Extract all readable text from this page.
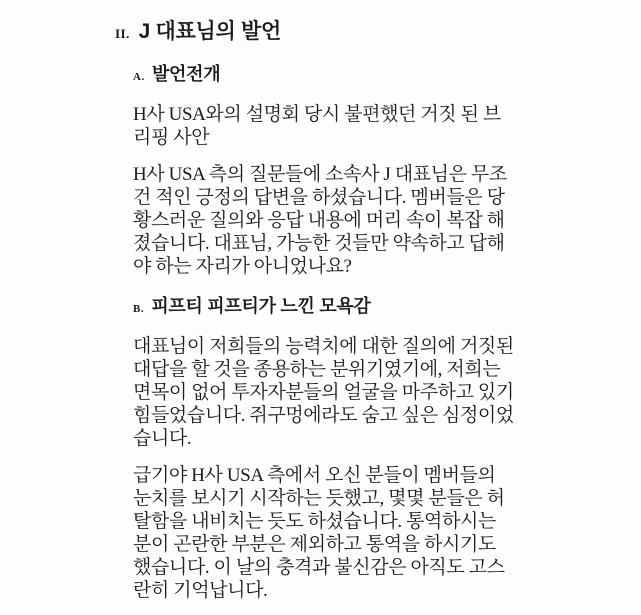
II. J 대표님의 발언
A. 발언전개

H사 USA와의 설명회 당시 불편했던 거짓 된 브리핑 사안

H사 USA 측의 질문들에 소속사 J 대표님은 무조건 적인 긍정의 답변을 하셨습니다. 멤버들은 당황스러운 질의와 응답 내용에 머리 속이 복잡 해졌습니다. 대표님, 가능한 것들만 약속하고 답해야 하는 자리가 아니었나요?

B. 피프티 피프티가 느낀 모욕감

대표님이 저희들의 능력치에 대한 질의에 거짓된 대답을 할 것을 종용하는 분위기였기에, 저희는 면목이 없어 투자자분들의 얼굴을 마주하고 있기 힘들었습니다. 쥐구멍에라도 숨고 싶은 심정이었습니다.

급기야 H사 USA 측에서 오신 분들이 멤버들의 눈치를 보시기 시작하는 듯했고, 몇몇 분들은 허탈함을 내비치는 듯도 하셨습니다. 통역하시는 분이 곤란한 부분은 제외하고 통역을 하시기도 했습니다. 이 날의 충격과 불신감은 아직도 고스란히 기억납니다.
